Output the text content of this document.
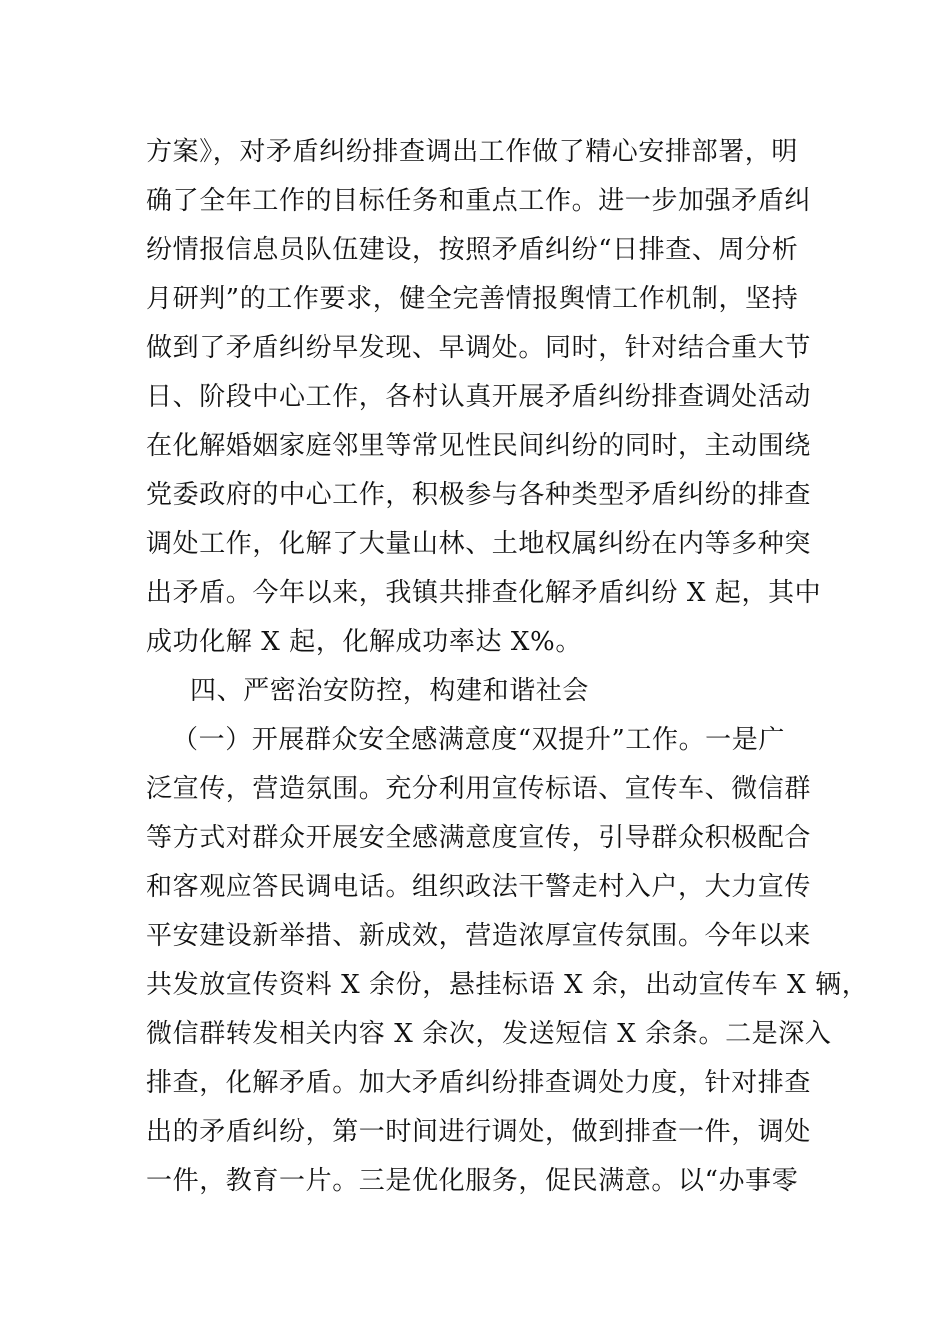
方案》，对矛盾纠纷排查调出工作做了精心安排部署，明
确了全年工作的目标任务和重点工作。进一步加强矛盾纠
纷情报信息员队伍建设，按照矛盾纠纷“日排查、周分析
月研判”的工作要求，健全完善情报舆情工作机制，坚持
做到了矛盾纠纷早发现、早调处。同时，针对结合重大节
日、阶段中心工作，各村认真开展矛盾纠纷排查调处活动
在化解婚姻家庭邻里等常见性民间纠纷的同时，主动围绕
党委政府的中心工作，积极参与各种类型矛盾纠纷的排查
调处工作，化解了大量山林、土地权属纠纷在内等多种突
出矛盾。今年以来，我镇共排查化解矛盾纠纷 X 起，其中
成功化解 X 起，化解成功率达 X%。
四、严密治安防控，构建和谐社会
（一）开展群众安全感满意度“双提升”工作。一是广
泛宣传，营造氛围。充分利用宣传标语、宣传车、微信群
等方式对群众开展安全感满意度宣传，引导群众积极配合
和客观应答民调电话。组织政法干警走村入户，大力宣传
平安建设新举措、新成效，营造浓厚宣传氛围。今年以来
共发放宣传资料 X 余份，悬挂标语 X 余，出动宣传车 X 辆，
微信群转发相关内容 X 余次，发送短信 X 余条。二是深入
排查，化解矛盾。加大矛盾纠纷排查调处力度，针对排查
出的矛盾纠纷，第一时间进行调处，做到排查一件，调处
一件，教育一片。三是优化服务，促民满意。以“办事零
